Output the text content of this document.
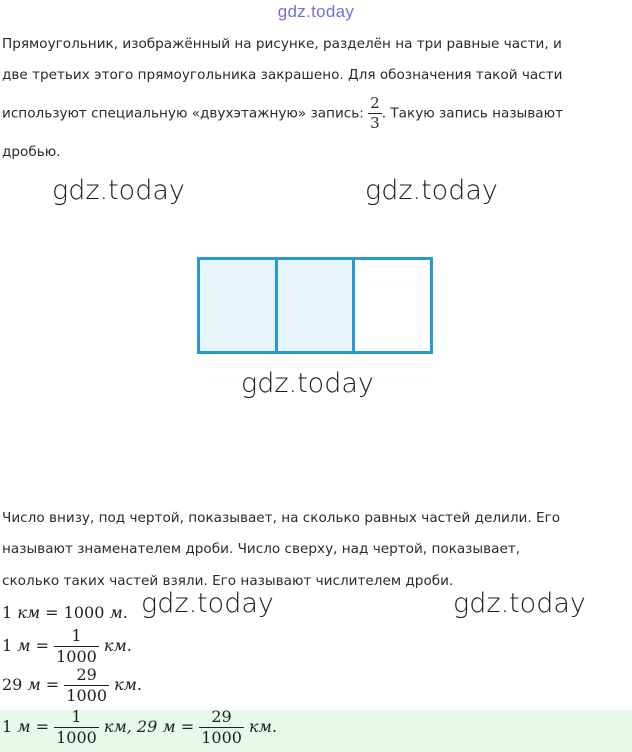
gdz.today
Прямоугольник, изображённый на рисунке, разделён на три равные части, и
две третьих этого прямоугольника закрашено. Для обозначения такой части
используют специальную «двухэтажную» запись: $\frac{2}{3}$ . Такую запись называют
дробью.
gdz.today	gdz.today
gdz.today
Число внизу, под чертой, показывает, на сколько равных частей делили. Его
называют знаменателем дроби. Число сверху, над чертой, показывает,
сколько таких частей взяли. Его называют числителем дроби.
gdz.today	gdz.today
1 км = 1000 м.
1 $м = \frac{1}{1000}$ км.
29 $м = \frac{29}{1000}$ км.
1 $м = \frac{1}{1000}$ км, 29 $м = \frac{29}{1000}$ км.
